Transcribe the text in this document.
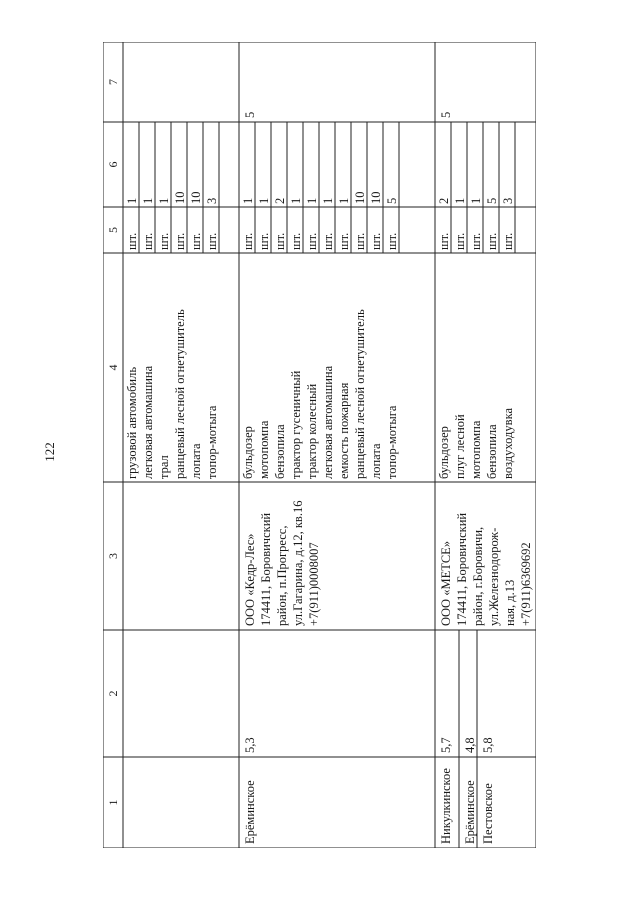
122
1
2
3
4
5
6
7
грузовой автомобиль
шт.
1
легковая автомашина
шт.
1
трал
шт.
1
ранцевый лесной огнетушитель
шт.
10
лопата
шт.
10
топор-мотыга
шт.
3
Ерёминское
5,3
ООО «Кедр-Лес» 174411, Боровичский район, п.Прогресс, ул.Гагарина, д.12, кв.16 +7(911)0008007
5
бульдозер
шт.
1
мотопомпа
шт.
1
бензопила
шт.
2
трактор гусеничный
шт.
1
трактор колесный
шт.
1
легковая автомашина
шт.
1
емкость пожарная
шт.
1
ранцевый лесной огнетушитель
шт.
10
лопата
шт.
10
топор-мотыга
шт.
5
Никулкинское
5,7
Ерёминское
4,8
Пестовское
5,8
ООО «МЕТСЕ» 174411, Боровичский район, г.Боровичи, ул.Железнодорож- ная, д.13 +7(911)6369692
5
бульдозер
шт.
2
плуг лесной
шт.
1
мотопомпа
шт.
1
бензопила
шт.
5
воздуходувка
шт.
3
